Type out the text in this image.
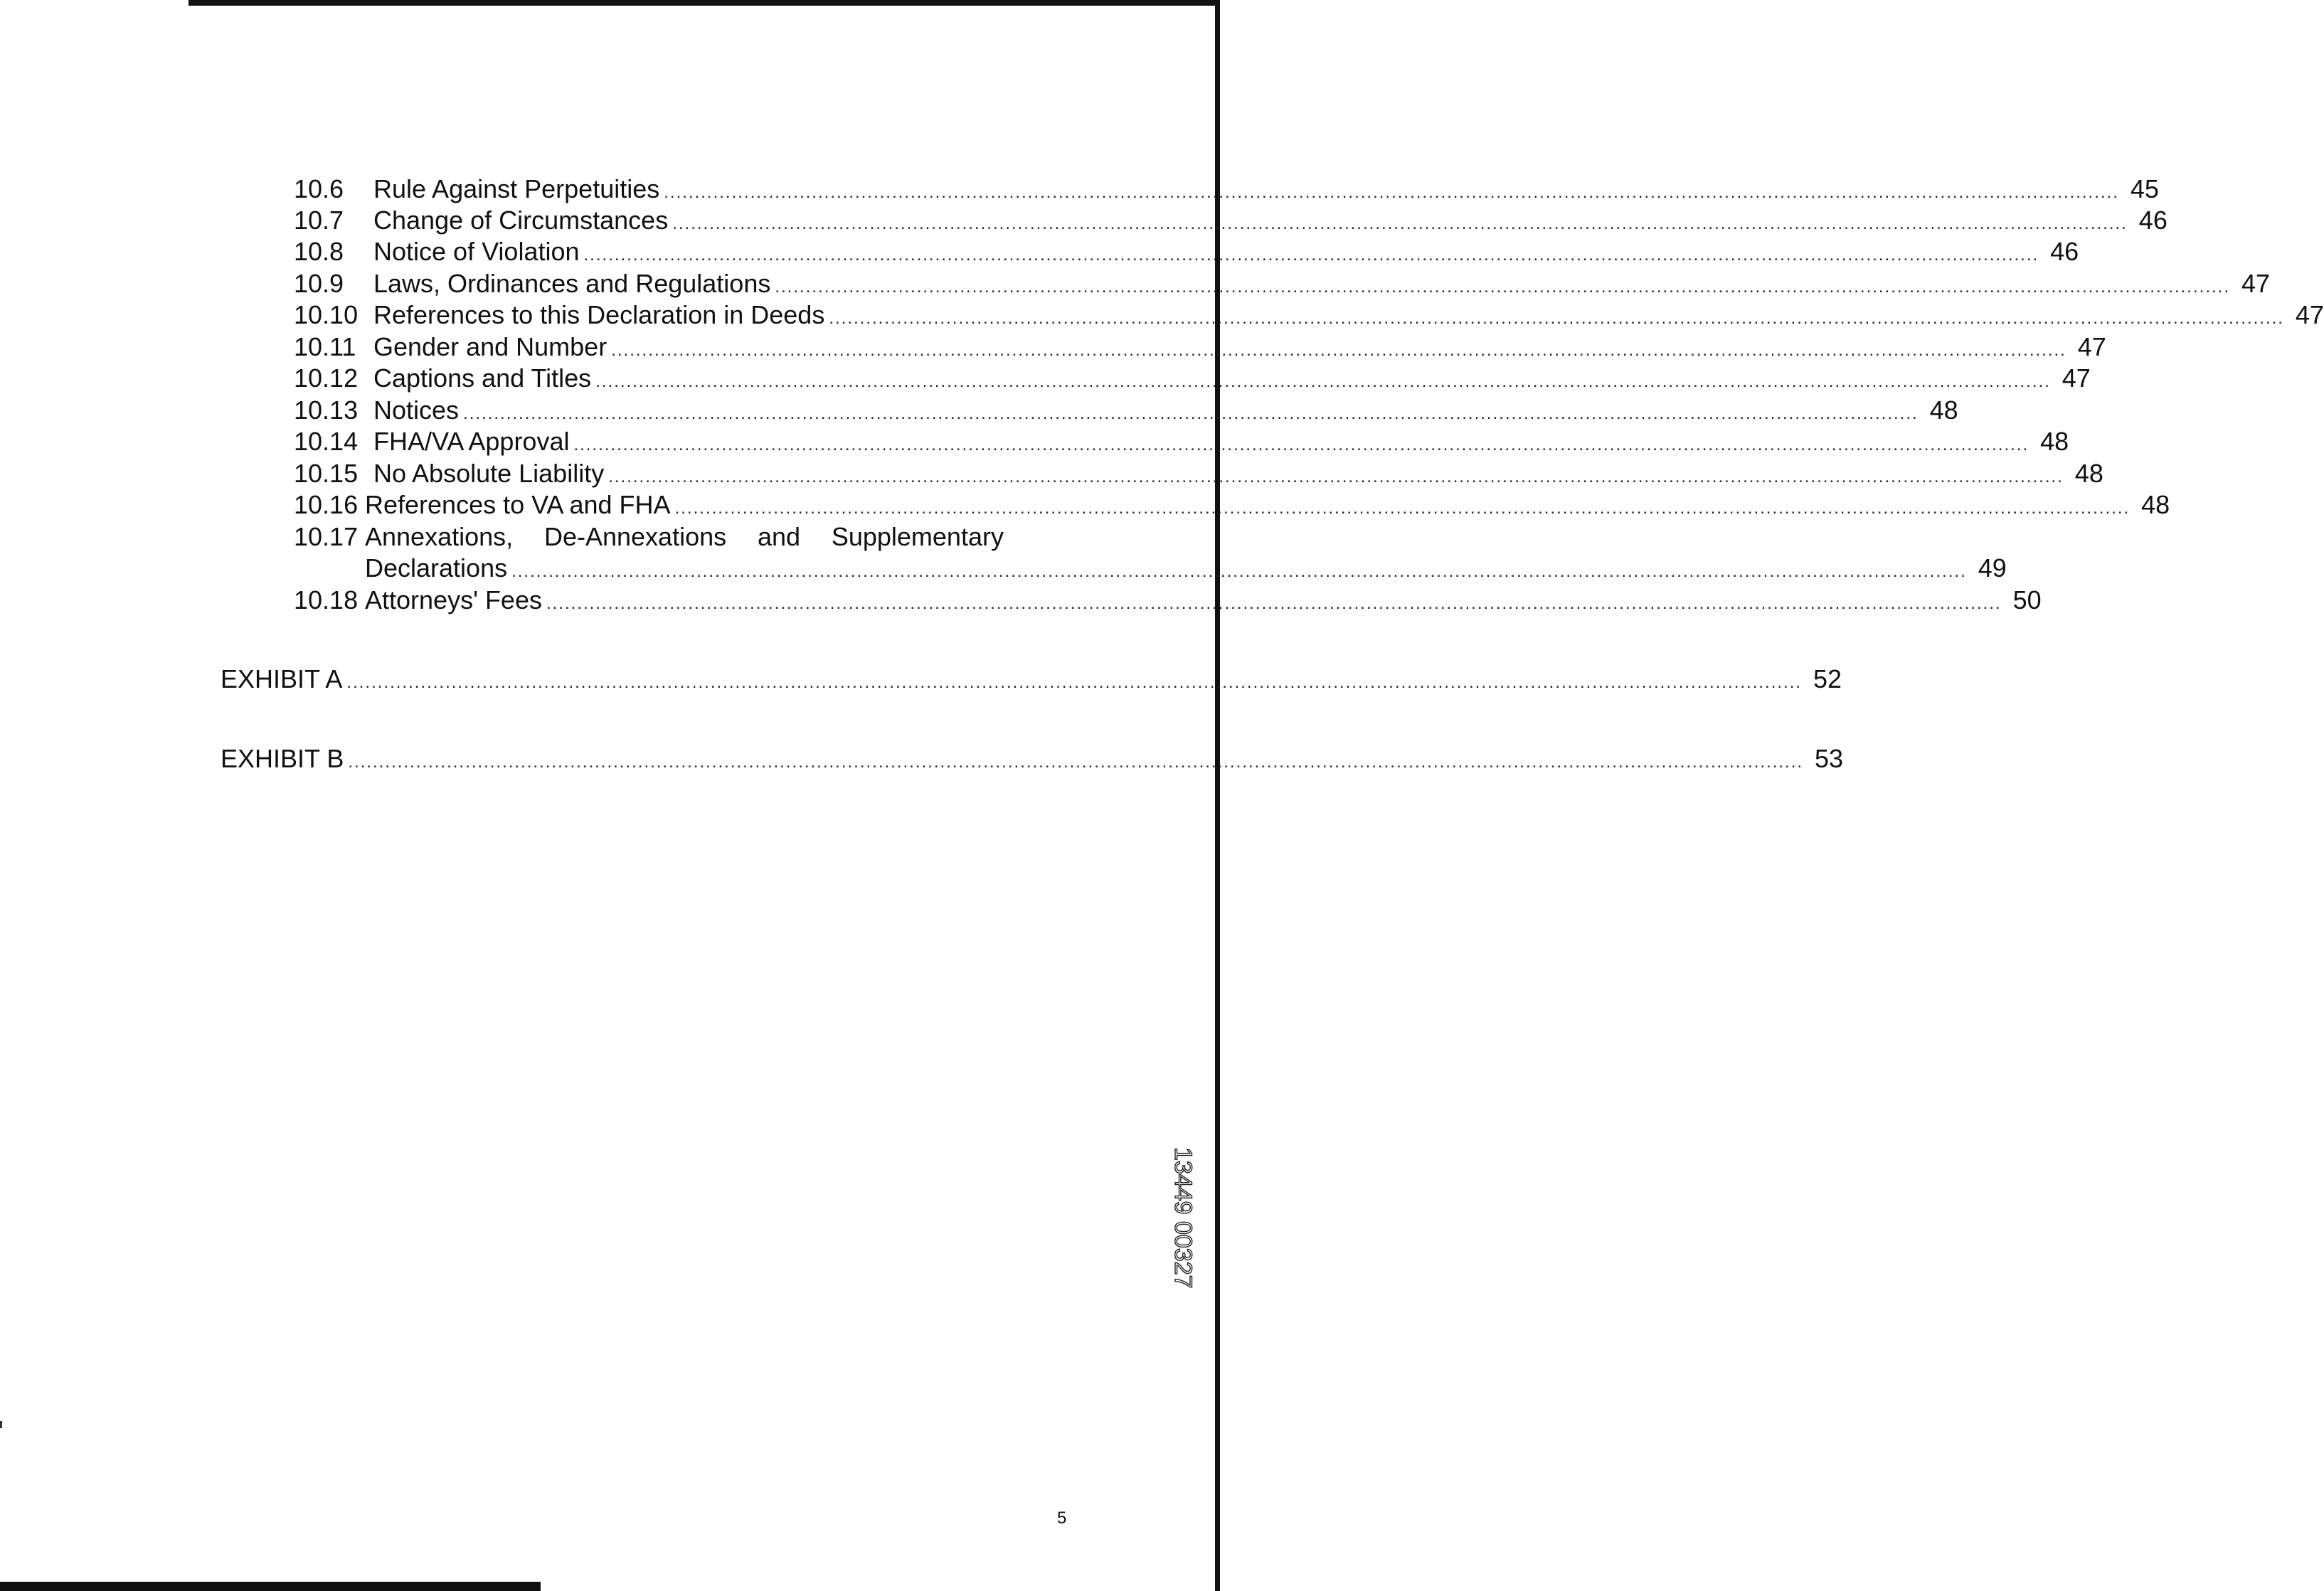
10.6	Rule Against Perpetuities .....	45
10.7	Change of Circumstances .....	46
10.8	Notice of Violation .....	46
10.9	Laws, Ordinances and Regulations .....	47
10.10 References to this Declaration in Deeds .....	47
10.11 Gender and Number .....	47
10.12 Captions and Titles .....	47
10.13 Notices .....	48
10.14 FHA/VA Approval .....	48
10.15 No Absolute Liability .....	48
10.16 References to VA and FHA .....	48
10.17 Annexations, De-Annexations and Supplementary
Declarations .....	49
10.18 Attorneys' Fees .....	50
EXHIBIT A .....	52
EXHIBIT B .....	53
13449 00327
5
